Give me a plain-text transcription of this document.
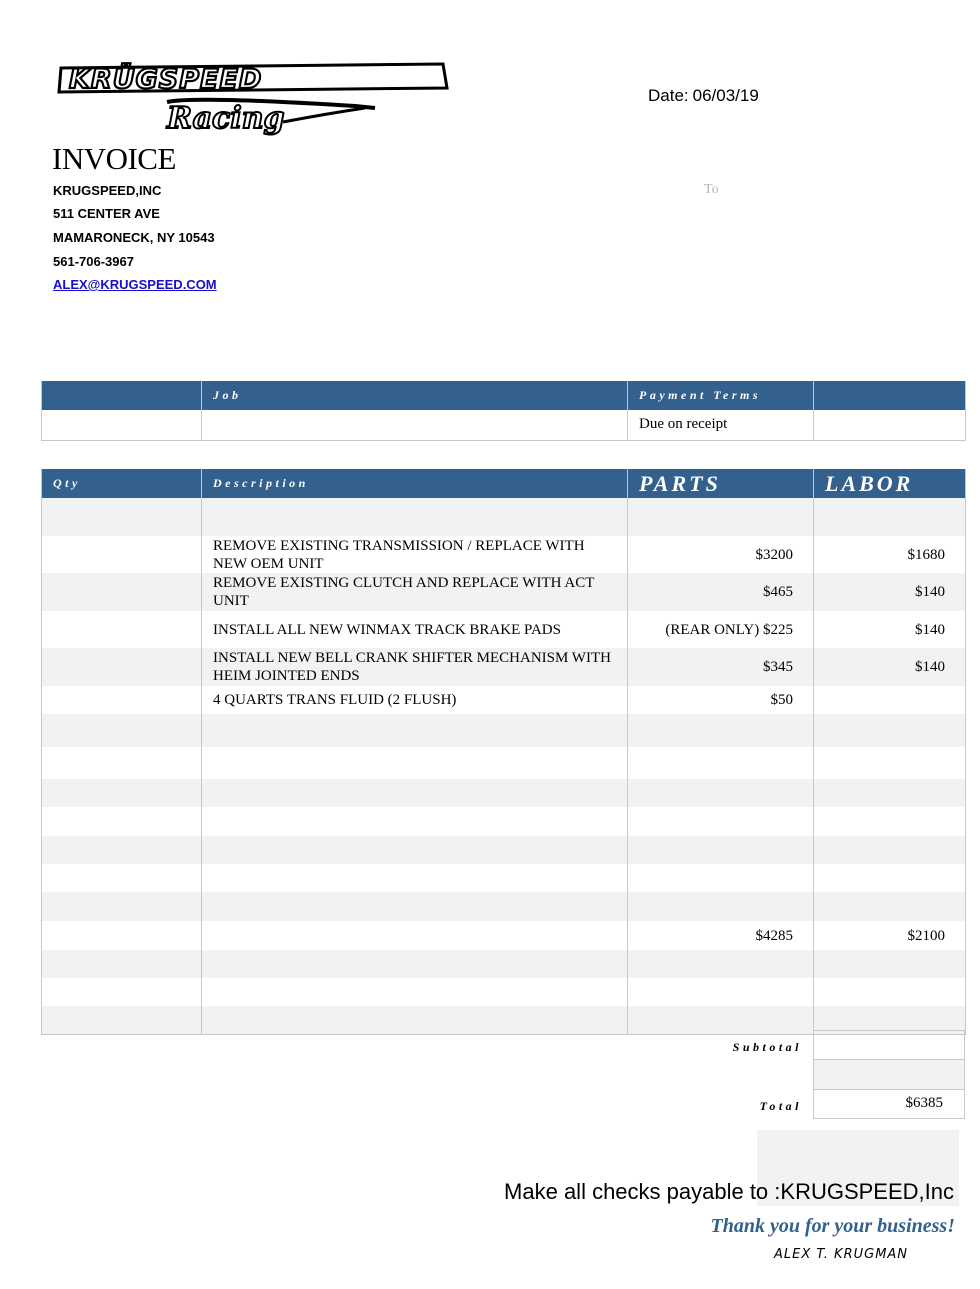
KRÜGSPEED
Racing
Date: 06/03/19
INVOICE
KRUGSPEED,INC
511 CENTER AVE
MAMARONECK, NY 10543
561-706-3967
ALEX@KRUGSPEED.COM
To
	Job	Payment Terms	
		Due on receipt	
Qty	Description	PARTS	LABOR

	REMOVE EXISTING TRANSMISSION / REPLACE WITH NEW OEM UNIT	$3200	$1680
	REMOVE EXISTING CLUTCH AND REPLACE WITH ACT UNIT	$465	$140
	INSTALL ALL NEW WINMAX TRACK BRAKE PADS	(REAR ONLY) $225	$140
	INSTALL NEW BELL CRANK SHIFTER MECHANISM WITH HEIM JOINTED ENDS	$345	$140
	4 QUARTS TRANS FLUID (2 FLUSH)	$50	

		$4285	$2100

Subtotal
Total	$6385
Make all checks payable to :KRUGSPEED,Inc
Thank you for your business!
ALEX T. KRUGMAN
